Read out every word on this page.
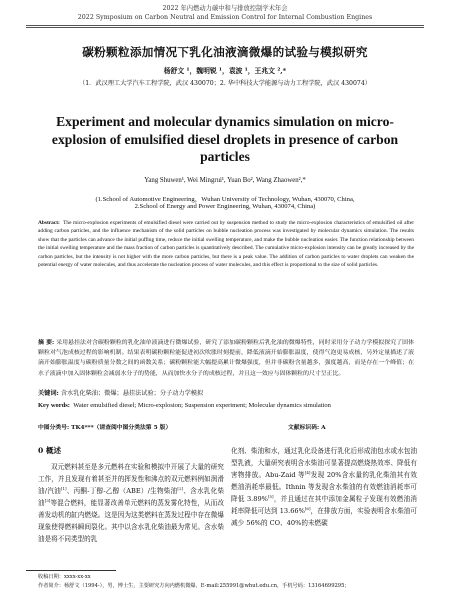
2022 年内燃动力碳中和与排放控制学术年会
2022 Symposium on Carbon Neutral and Emission Control for Internal Combustion Engines
碳粉颗粒添加情况下乳化油液滴微爆的试验与模拟研究
杨舒文 ¹，魏明锐 ¹，袁波 ¹，王兆文 ²,*
（1．武汉理工大学汽车工程学院，武汉 430070；2. 华中科技大学能源与动力工程学院，武汉 430074）
Experiment and molecular dynamics simulation on micro-explosion of emulsified diesel droplets in presence of carbon particles
Yang Shuwen¹, Wei Mingrui¹, Yuan Bo², Wang Zhaowen²,*
(1.School of Automotive Engineering，Wuhan University of Technology, Wuhan, 430070, China,
2.School of Energy and Power Engineering, Wuhan, 430074, China)
Abstract: The micro-explosion experiments of emulsified diesel were carried out by suspension method to study the micro-explosion characteristics of emulsified oil after adding carbon particles, and the influence mechanism of the solid particles on bubble nucleation process was investigated by molecular dynamics simulation. The results show that the particles can advance the initial puffing time, reduce the initial swelling temperature, and make the bubble nucleation easier. The function relationship between the initial swelling temperature and the mass fraction of carbon particles is quantitatively described. The cumulative micro-explosion intensity can be greatly increased by the carbon particles, but the intensity is not higher with the more carbon particles, but there is a peak value. The addition of carbon particles to water droplets can weaken the potential energy of water molecules, and thus accelerate the nucleation process of water molecules, and this effect is proportional to the size of solid particles.
摘 要: 采用悬挂法对含碳粉颗粒的乳化油单液滴进行微爆试验，研究了添加碳粉颗粒后乳化油的微爆特性，同时采用分子动力学模拟探究了固体颗粒对气泡成核过程的影响机制。结果表明碳粉颗粒能促进初次吹胀时刻提前，降低液滴开始膨胀温度，使得气泡更易成核，另外定量描述了液滴开始膨胀温度与碳粉质量分数之间的函数关系；碳粉颗粒能大幅提高累计微爆强度，但并非碳粉含量越多，强度越高，而是存在一个峰值；在水子液滴中加入固体颗粒会减弱水分子的势能，从而加快水分子的成核过程，并且这一效应与固体颗粒的尺寸呈正比。
关键词: 含水乳化柴油；微爆；悬挂法试验；分子动力学模拟
Key words: Water emulsified diesel; Micro-explosion; Suspension experiment; Molecular dynamics simulation
中图分类号: TK4***（请查阅中图分类法第 5 版）	文献标识码: A
0 概述
双元燃料甚至是多元燃料在实验和模拟中开展了大量的研究工作，并且发现有着甚至并的挥发性和沸点的双元燃料例如润滑油/汽油[1]、丙酮-丁醇-乙醇（ABE）/生物柴油[2]、含水乳化柴油[3]等混合燃料，能显著改善单元燃料的蒸发雾化特性，从而改善发动机的缸内燃烧。这是因为这类燃料在蒸发过程中存在微爆现象使得燃料瞬间裂化。其中以含水乳化柴油最为常见。含水柴油是将不同类型的乳
化剂、柴油和水，通过乳化设备进行乳化后形成油包水或水包油型乳液，大量研究表明含水柴油可显著提高燃烧热效率、降低有害物排放。Abu-Zaid 等[4]发现 20%含水量的乳化柴油其有效燃油消耗率最低。Ithnin 等发现含水柴油的有效燃油消耗率可降低 3.89%[5]，并且通过在其中添加金属粒子发现有效燃油消耗率降低可达到 13.66%[6]，在排放方面，实验表明含水柴油可减少 56%的 CO、40%的未燃碳
收稿日期：xxxx-xx-xx
作者简介：杨舒文（1994-），男，博士生，主要研究方向内燃机微爆，E-mail:255991@whut.edu.cn，手机号码：13164699295；
